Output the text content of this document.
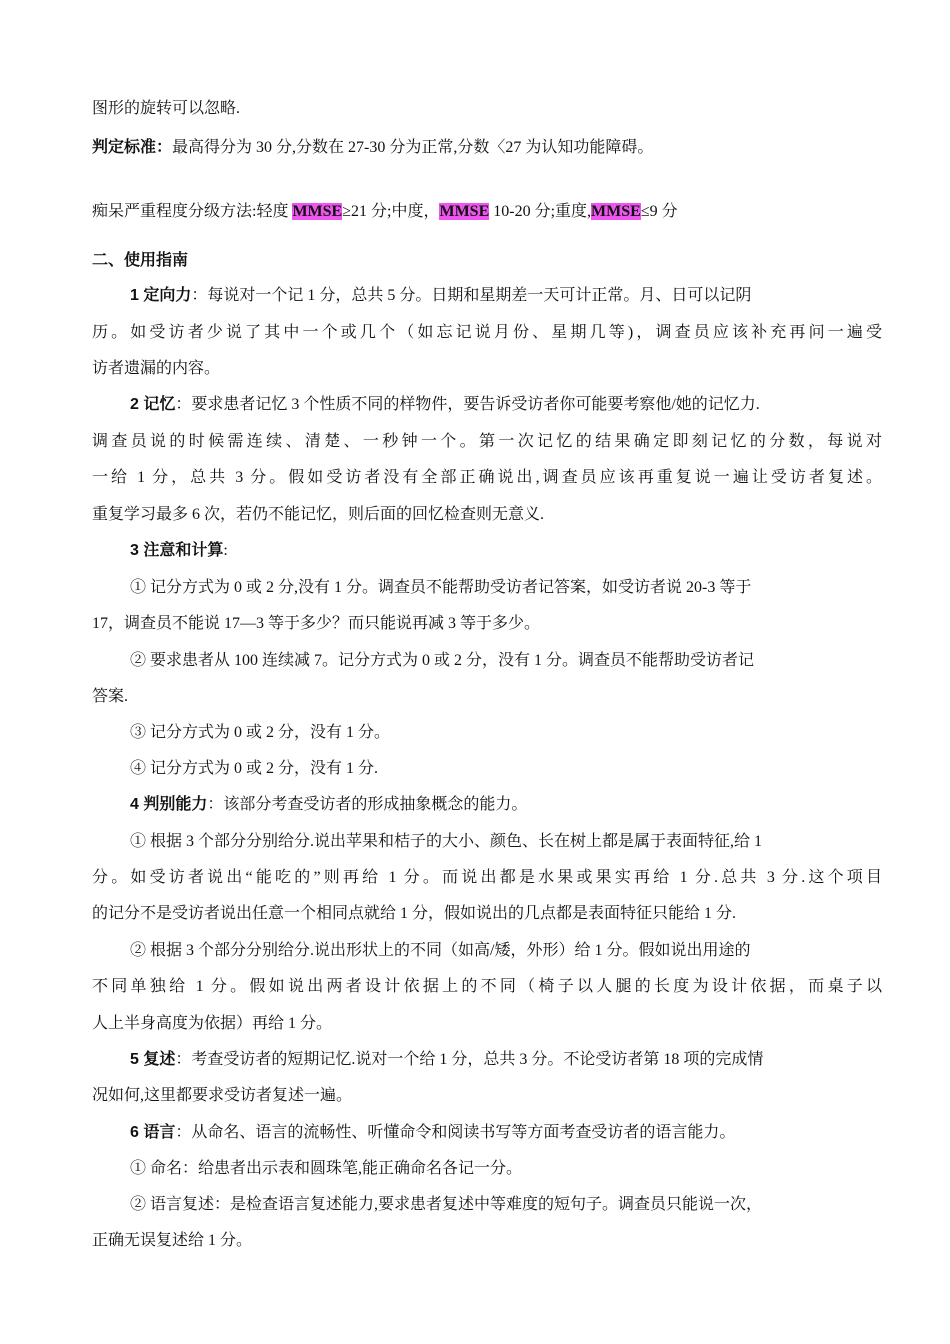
图形的旋转可以忽略.
判定标准：最高得分为 30 分,分数在 27-30 分为正常,分数〈27 为认知功能障碍。
痴呆严重程度分级方法:轻度 MMSE≥21 分;中度，MMSE 10-20 分;重度,MMSE≤9 分
二、使用指南
1 定向力：每说对一个记 1 分，总共 5 分。日期和星期差一天可计正常。月、日可以记阴
历。如受访者少说了其中一个或几个（如忘记说月份、星期几等)，调查员应该补充再问一遍受
访者遗漏的内容。
2 记忆：要求患者记忆 3 个性质不同的样物件，要告诉受访者你可能要考察他/她的记忆力.
调查员说的时候需连续、清楚、一秒钟一个。第一次记忆的结果确定即刻记忆的分数，每说对
一给 1 分，总共 3 分。假如受访者没有全部正确说出,调查员应该再重复说一遍让受访者复述。
重复学习最多 6 次，若仍不能记忆，则后面的回忆检查则无意义.
3 注意和计算:
① 记分方式为 0 或 2 分,没有 1 分。调查员不能帮助受访者记答案，如受访者说 20-3 等于
17，调查员不能说 17—3 等于多少？而只能说再减 3 等于多少。
② 要求患者从 100 连续减 7。记分方式为 0 或 2 分，没有 1 分。调查员不能帮助受访者记
答案.
③ 记分方式为 0 或 2 分，没有 1 分。
④ 记分方式为 0 或 2 分，没有 1 分.
4 判别能力：该部分考查受访者的形成抽象概念的能力。
① 根据 3 个部分分别给分.说出苹果和桔子的大小、颜色、长在树上都是属于表面特征,给 1
分。如受访者说出“能吃的”则再给 1 分。而说出都是水果或果实再给 1 分.总共 3 分.这个项目
的记分不是受访者说出任意一个相同点就给 1 分，假如说出的几点都是表面特征只能给 1 分.
② 根据 3 个部分分别给分.说出形状上的不同（如高/矮，外形）给 1 分。假如说出用途的
不同单独给 1 分。假如说出两者设计依据上的不同（椅子以人腿的长度为设计依据，而桌子以
人上半身高度为依据）再给 1 分。
5 复述：考查受访者的短期记忆.说对一个给 1 分，总共 3 分。不论受访者第 18 项的完成情
况如何,这里都要求受访者复述一遍。
6 语言：从命名、语言的流畅性、听懂命令和阅读书写等方面考查受访者的语言能力。
① 命名：给患者出示表和圆珠笔,能正确命名各记一分。
② 语言复述：是检查语言复述能力,要求患者复述中等难度的短句子。调查员只能说一次，
正确无误复述给 1 分。
